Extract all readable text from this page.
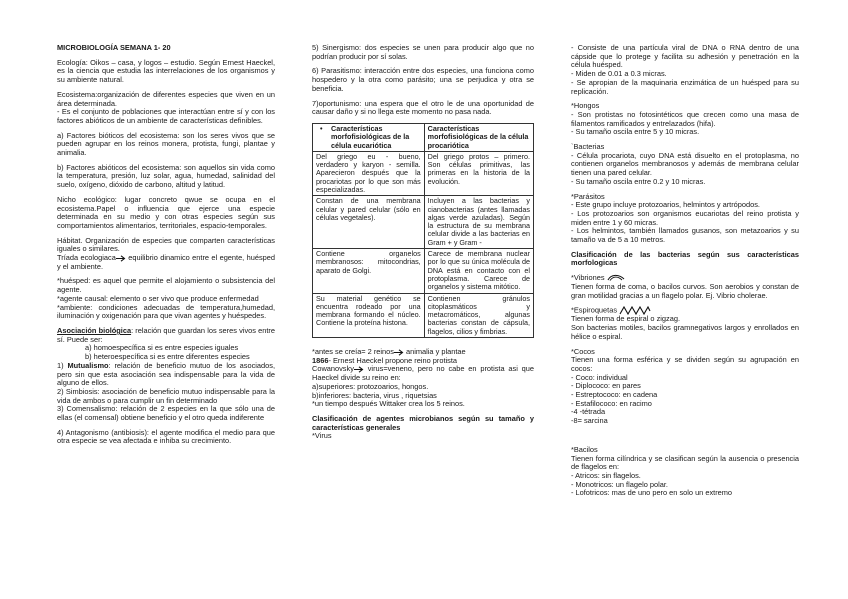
MICROBIOLOGÍA SEMANA 1- 20

Ecología: Oikos – casa, y logos – estudio. Según Ernest Haeckel, es la ciencia que estudia las interrelaciones de los organismos y su ambiente natural.

Ecosistema:organización de diferentes especies que viven en un área determinada.

- Es el conjunto de poblaciones que interactúan entre sí y con los factores abióticos de un ambiente de características definibles.

a) Factores bióticos del ecosistema: son los seres vivos que se pueden agrupar en los reinos monera, protista, fungi, plantae y animalia.

b) Factores abióticos del ecosistema: son aquellos sin vida como la temperatura, presión, luz solar, agua, humedad, salinidad del suelo, oxígeno, dióxido de carbono, altitud y latitud.

Nicho ecológico: lugar concreto qwue se ocupa en el ecosistema.Papel o influencia que ejerce una especie determinada en su medio y con otras especies según sus comportamientos alimentarios, territoriales, espacio-temporales.

Hábitat. Organización de especies que comparten características iguales o similares.

Tríada ecologiaca equilibrio dinamico entre el egente, huésped y el ambiente.

*huésped: es aquel que permite el alojamiento o subsistencia del agente.

*agente causal: elemento o ser vivo que produce enfermedad

*ambiente: condiciones adecuadas de temperatura,humedad, iluminación y oxigenación para que vivan agentes y huéspedes.

Asociación biológica: relación que guardan los seres vivos entre sí. Puede ser:

a) homoespecífica si es entre especies iguales
b) heteroespecífica si es entre diferentes especies

1) Mutualismo: relación de beneficio mutuo de los asociados, pero sin que esta asociación sea indispensable para la vida de alguno de ellos.

2) Simbiosis: asociación de beneficio mutuo indispensable para la vida de ambos o para cumplir un fin determinado

3) Comensalismo: relación de 2 especies en la que sólo una de ellas (el comensal) obtiene beneficio y el otro queda indiferente

4) Antagonismo (antibiosis): el agente modifica el medio para que otra especie se vea afectada e inhiba su crecimiento.

5) Sinergismo: dos especies se unen para producir algo que no podrían producir por sí solas.

6) Parasitismo: interacción entre dos especies, una funciona como hospedero y la otra como parásito; una se perjudica y otra se beneficia.

7)oportunismo: una espera que el otro le de una oportunidad de causar daño y si no llega este momento no pasa nada.

• Características morfofisiológicas de la célula eucariótica	Características morfofisiológicas de la célula procariótica
Del griego eu - bueno, verdadero y karyon - semilla. Aparecieron después que la procariotas por lo que son más especializadas.	Del griego protos – primero. Son células primitivas, las primeras en la historia de la evolución.
Constan de una membrana celular y pared celular (sólo en células vegetales).	Incluyen a las bacterias y cianobacterias (antes llamadas algas verde azuladas). Según la estructura de su membrana celular divide a las bacterias en Gram + y Gram -
Contiene organelos membranosos: mitocondrias, aparato de Golgi.	Carece de membrana nuclear por lo que su única molécula de DNA está en contacto con el protoplasma. Carece de organelos y sistema mitótico.
Su material genético se encuentra rodeado por una membrana formando el núcleo. Contiene la proteína histona.	Contienen gránulos citoplasmáticos y metacromáticos, algunas bacterias constan de cápsula, flagelos, cilios y fimbrias.

*antes se creía= 2 reinos animalia y plantae

1866- Ernest Haeckel propone reino protista

Cowanovsky virus=veneno, pero no cabe en protista asi que Haeckel divide su reino en:

a)superiores: protozoarios, hongos.

b)inferiores: bacteria, virus , riquetsias

*un tiempo después Wittaker crea los 5 reinos.

Clasificación de agentes microbianos según su tamaño y características generales

*Virus

- Consiste de una partícula viral de DNA o RNA dentro de una cápside que lo protege y facilita su adhesión y penetración en la célula huésped.

- Miden de 0.01 a 0.3 micras.

- Se apropian de la maquinaria enzimática de un huésped para su replicación.

*Hongos

- Son protistas no fotosintéticos que crecen como una masa de filamentos ramificados y entrelazados (hifa).

- Su tamaño oscila entre 5 y 10 micras.

`Bacterias

- Célula procariota, cuyo DNA está disuelto en el protoplasma, no contienen organelos membranosos y además de membrana celular tienen una pared celular.

- Su tamaño oscila entre 0.2 y 10 micras.

*Parásitos

- Este grupo incluye protozoarios, helmintos y artrópodos.

- Los protozoarios son organismos eucariotas del reino protista y miden entre 1 y 60 micras.

- Los helmintos, también llamados gusanos, son metazoarios y su tamaño va de 5 a 10 metros.

Clasificación de las bacterias según sus características morfologicas

*Vibriones

Tienen forma de coma, o bacilos curvos. Son aerobios y constan de gran motilidad gracias a un flagelo polar. Ej. Vibrio cholerae.

*Espiroquetas

Tienen forma de espiral o zigzag.

Son bacterias motiles, bacilos gramnegativos largos y enrollados en hélice o espiral.

*Cocos

Tienen una forma esférica y se dividen según su agrupación en cocos:

- Coco: individual

- Diplococo: en pares

- Estreptococo: en cadena

- Estafilococo: en racimo

-4 -tétrada

-8= sarcina

*Bacilos

Tienen forma cilíndrica y se clasifican según la ausencia o presencia de flagelos en:

- Atricos: sin flagelos.

- Monotricos: un flagelo polar.

- Lofotricos: mas de uno pero en solo un extremo
